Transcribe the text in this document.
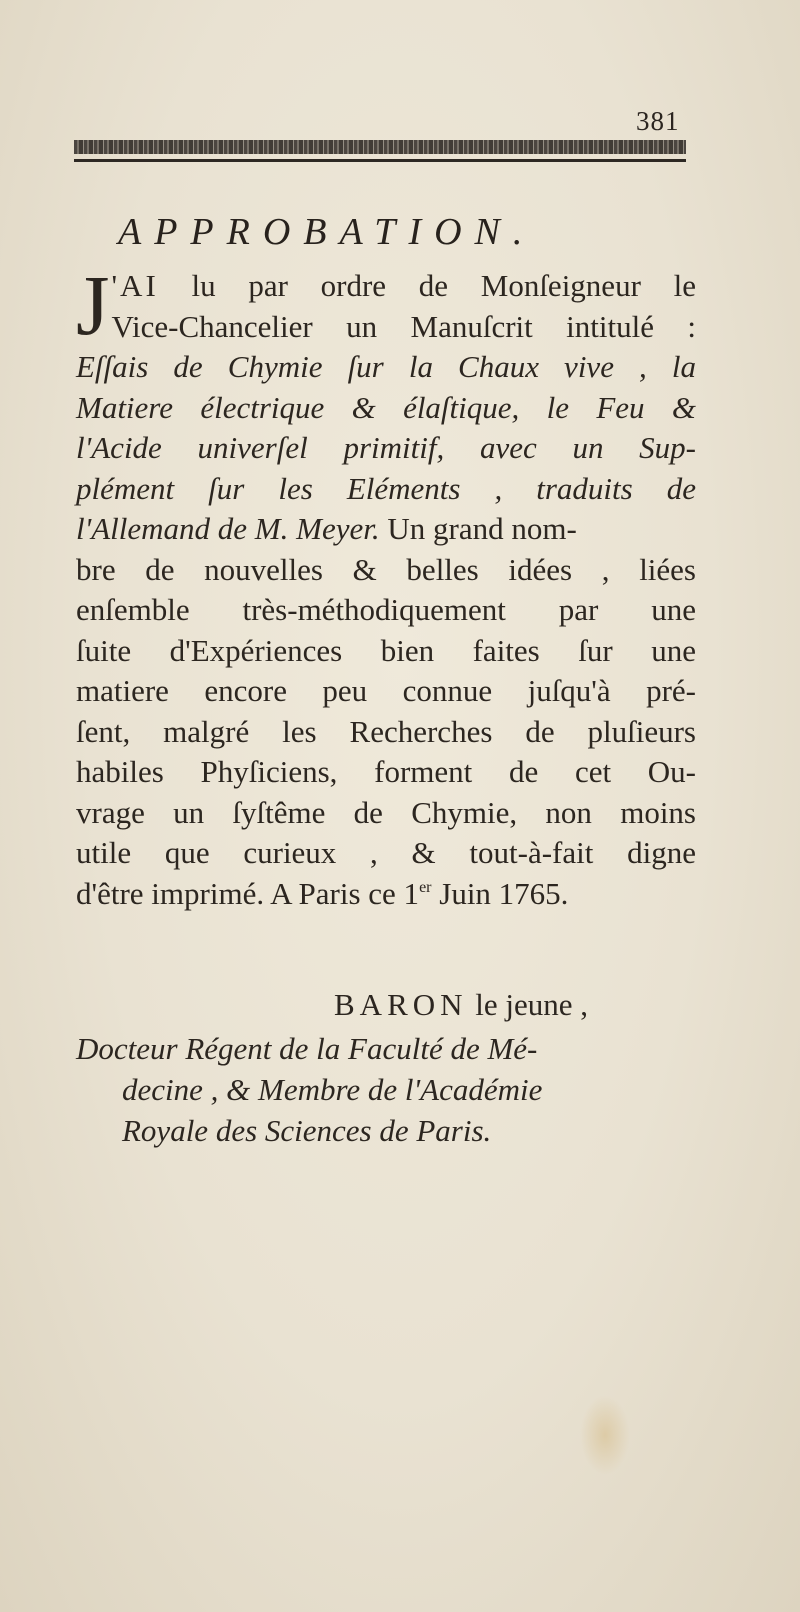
381
APPROBATION.
J 'AI lu par ordre de Monſeigneur le
Vice-Chancelier un Manuſcrit intitulé :
Eſſais de Chymie ſur la Chaux vive , la
Matiere électrique & élaſtique, le Feu &
l'Acide univerſel primitif, avec un Sup-
plément ſur les Eléments , traduits de
l'Allemand de M. Meyer. Un grand nom-
bre de nouvelles & belles idées , liées
enſemble très-méthodiquement par une
ſuite d'Expériences bien faites ſur une
matiere encore peu connue juſqu'à pré-
ſent, malgré les Recherches de pluſieurs
habiles Phyſiciens, forment de cet Ou-
vrage un ſyſtême de Chymie, non moins
utile que curieux , & tout-à-fait digne
d'être imprimé. A Paris ce 1er Juin 1765.
BARON le jeune ,
Docteur Régent de la Faculté de Mé-
decine , & Membre de l'Académie
Royale des Sciences de Paris.
